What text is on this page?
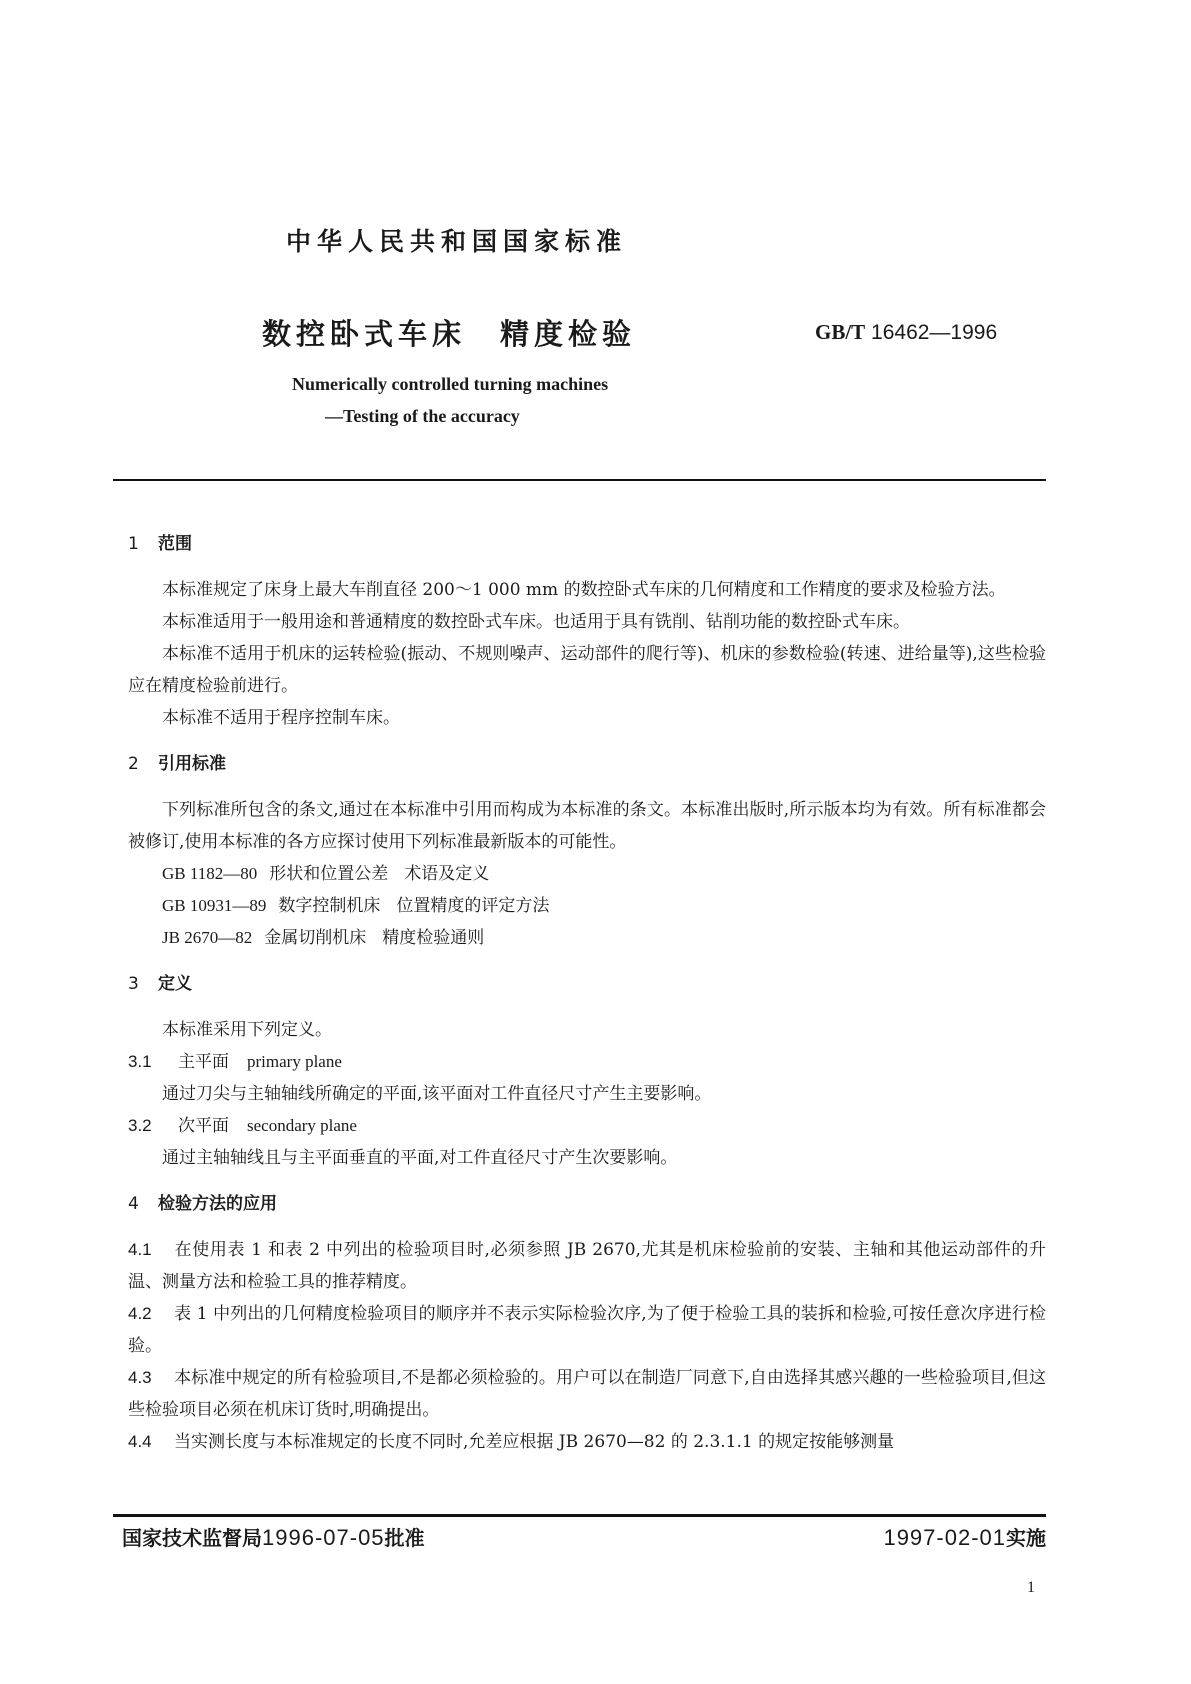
中华人民共和国国家标准
数控卧式车床　精度检验	GB/T 16462—1996
Numerically controlled turning machines
—Testing of the accuracy

1 范围

本标准规定了床身上最大车削直径 200～1 000 mm 的数控卧式车床的几何精度和工作精度的要求及检验方法。

本标准适用于一般用途和普通精度的数控卧式车床。也适用于具有铣削、钻削功能的数控卧式车床。

本标准不适用于机床的运转检验(振动、不规则噪声、运动部件的爬行等)、机床的参数检验(转速、进给量等),这些检验应在精度检验前进行。

本标准不适用于程序控制车床。

2 引用标准

下列标准所包含的条文,通过在本标准中引用而构成为本标准的条文。本标准出版时,所示版本均为有效。所有标准都会被修订,使用本标准的各方应探讨使用下列标准最新版本的可能性。

GB 1182—80 形状和位置公差 术语及定义

GB 10931—89 数字控制机床 位置精度的评定方法

JB 2670—82 金属切削机床 精度检验通则

3 定义

本标准采用下列定义。

3.1 主平面 primary plane

通过刀尖与主轴轴线所确定的平面,该平面对工件直径尺寸产生主要影响。

3.2 次平面 secondary plane

通过主轴轴线且与主平面垂直的平面,对工件直径尺寸产生次要影响。

4 检验方法的应用

4.1 在使用表 1 和表 2 中列出的检验项目时,必须参照 JB 2670,尤其是机床检验前的安装、主轴和其他运动部件的升温、测量方法和检验工具的推荐精度。

4.2 表 1 中列出的几何精度检验项目的顺序并不表示实际检验次序,为了便于检验工具的装拆和检验,可按任意次序进行检验。

4.3 本标准中规定的所有检验项目,不是都必须检验的。用户可以在制造厂同意下,自由选择其感兴趣的一些检验项目,但这些检验项目必须在机床订货时,明确提出。

4.4 当实测长度与本标准规定的长度不同时,允差应根据 JB 2670—82 的 2.3.1.1 的规定按能够测量

国家技术监督局1996-07-05批准	1997-02-01实施
1
